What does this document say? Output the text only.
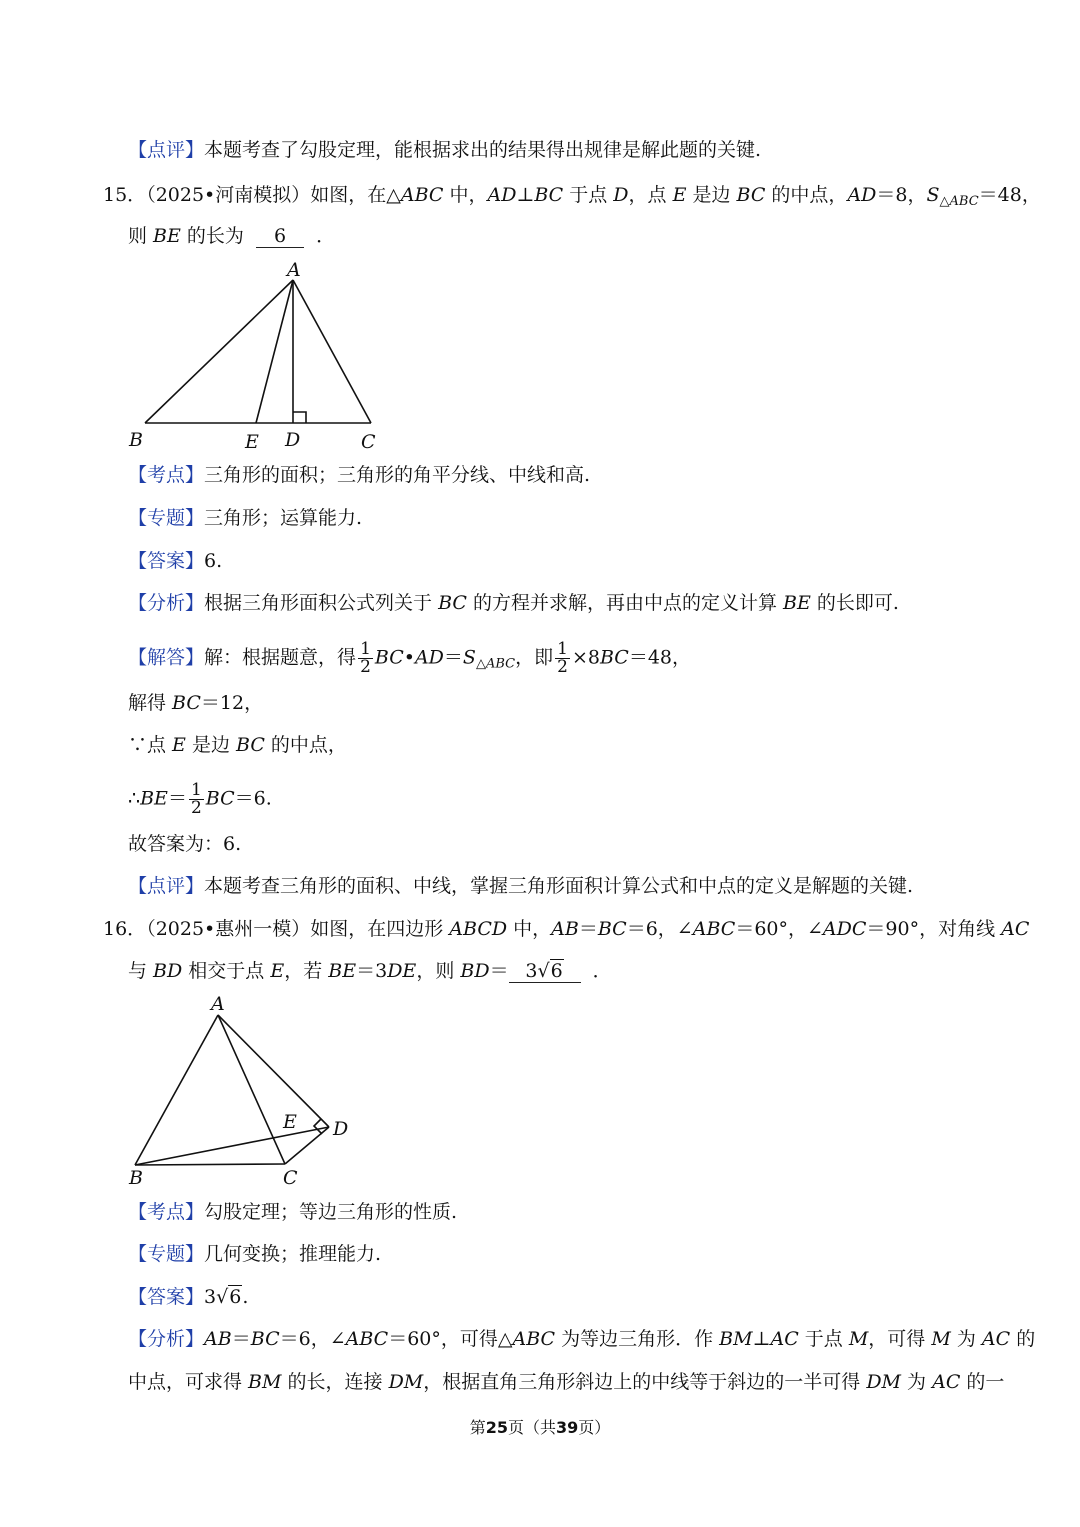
【点评】本题考查了勾股定理，能根据求出的结果得出规律是解此题的关键.
15．（2025•河南模拟）如图，在△ABC 中，AD⊥BC 于点 D，点 E 是边 BC 的中点，AD＝8，$S_{\triangle ABC}=48$，
则 BE 的长为 6 ．
A
B	E D	C
【考点】三角形的面积；三角形的角平分线、中线和高.
【专题】三角形；运算能力.
【答案】6.
【分析】根据三角形面积公式列关于 BC 的方程并求解，再由中点的定义计算 BE 的长即可.
【解答】解：根据题意，得 $\frac{1}{2}$ $BC•AD=S_{\triangle ABC}$，即 $\frac{1}{2} \times 8BC=48$，
解得 BC＝12，
∵点 E 是边 BC 的中点，
∴BE＝ $\frac{1}{2} BC=6$.
故答案为：6.
【点评】本题考查三角形的面积、中线，掌握三角形面积计算公式和中点的定义是解题的关键.
16．（2025•惠州一模）如图，在四边形 ABCD 中，AB＝BC＝6，∠ABC＝60°，∠ADC＝90°，对角线 AC
与 BD 相交于点 E，若 BE＝3DE，则 BD＝ 3√6 ．
A
B	C
D
E
【考点】勾股定理；等边三角形的性质.
【专题】几何变换；推理能力.
【答案】3√6.
【分析】AB＝BC＝6，∠ABC＝60°，可得△ABC 为等边三角形．作 BM⊥AC 于点 M，可得 M 为 AC 的
中点，可求得 BM 的长，连接 DM，根据直角三角形斜边上的中线等于斜边的一半可得 DM 为 AC 的一
第25页（共39页）
